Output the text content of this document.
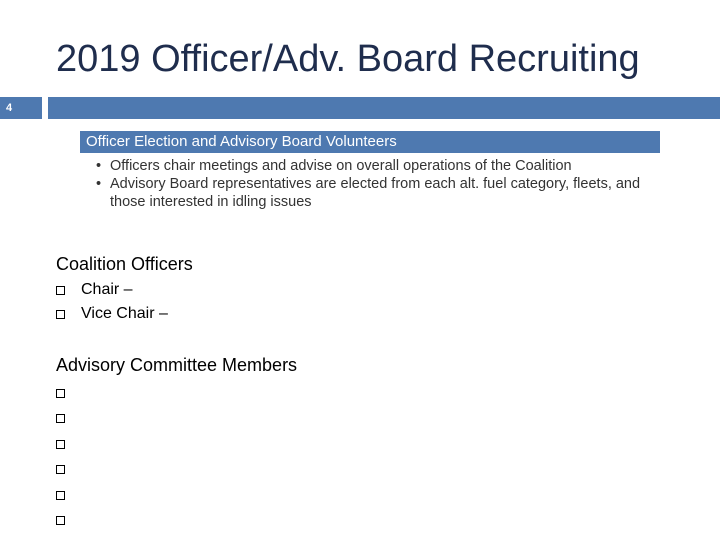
2019 Officer/Adv. Board Recruiting
4
Officer Election and Advisory Board Volunteers
• Officers chair meetings and advise on overall operations of the Coalition
• Advisory Board representatives are elected from each alt. fuel category, fleets, and those interested in idling issues
Coalition Officers
Chair –
Vice Chair –
Advisory Committee Members
